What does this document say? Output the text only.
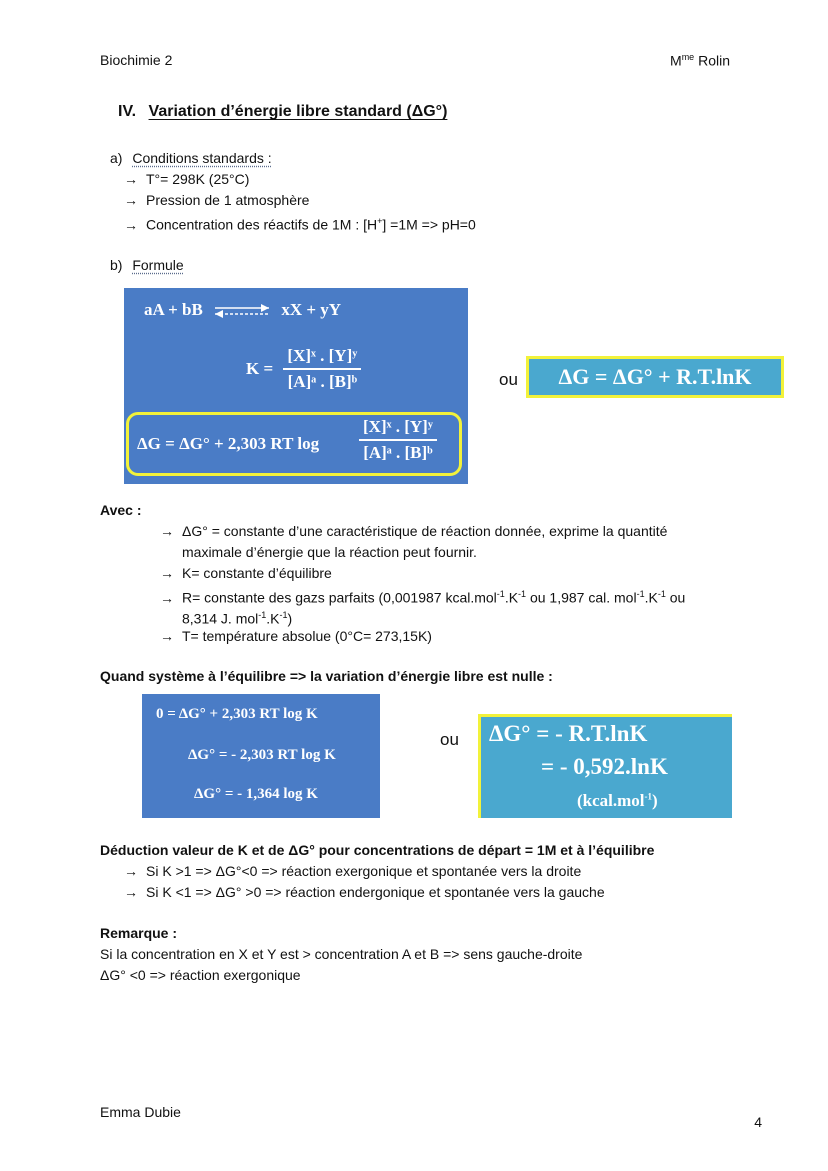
Biochimie 2	$M^{me}$ Rolin
IV. Variation d’énergie libre standard (ΔG°)
a) Conditions standards :
→ T°= 298K (25°C)
→ Pression de 1 atmosphère
→ Concentration des réactifs de 1M : [H+] =1M => pH=0
b) Formule
aA + bB ⇌ xX + yY
$K = \frac{\text{[X]ˣ . [Y]ʸ}}{\text{[A]ᵃ . [B]ᵇ}}$
ΔG = ΔG° + 2,303 RT $\log \frac{\text{[X]ˣ . [Y]ʸ}}{\text{[A]ᵃ . [B]ᵇ}}$
ou	ΔG = ΔG° + R.T.lnK
Avec :
→ ΔG° = constante d’une caractéristique de réaction donnée, exprime la quantité
maximale d’énergie que la réaction peut fournir.
→ K= constante d’équilibre
→ R= constante des gazs parfaits (0,001987 $kcal.mol^{-1}.K^{-1}$ ou 1,987 cal. $mol^{-1}.K^{-1}$ ou
8,314 J. $mol^{-1}.K^{-1}$)
→ T= température absolue (0°C= 273,15K)
Quand système à l’équilibre => la variation d’énergie libre est nulle :
0 = ΔG° + 2,303 RT log K
ΔG° = - 2,303 RT log K
ΔG° = - 1,364 log K
ou ΔG° = - R.T.lnK
= - 0,592.lnK
(kcal.mol$^{-1}$)
Déduction valeur de K et de ΔG° pour concentrations de départ = 1M et à l’équilibre
→ Si K >1 => ΔG°<0 => réaction exergonique et spontanée vers la droite
→ Si K <1 => ΔG° >0 => réaction endergonique et spontanée vers la gauche
Remarque :
Si la concentration en X et Y est > concentration A et B => sens gauche-droite
ΔG° <0 => réaction exergonique
Emma Dubie
4
